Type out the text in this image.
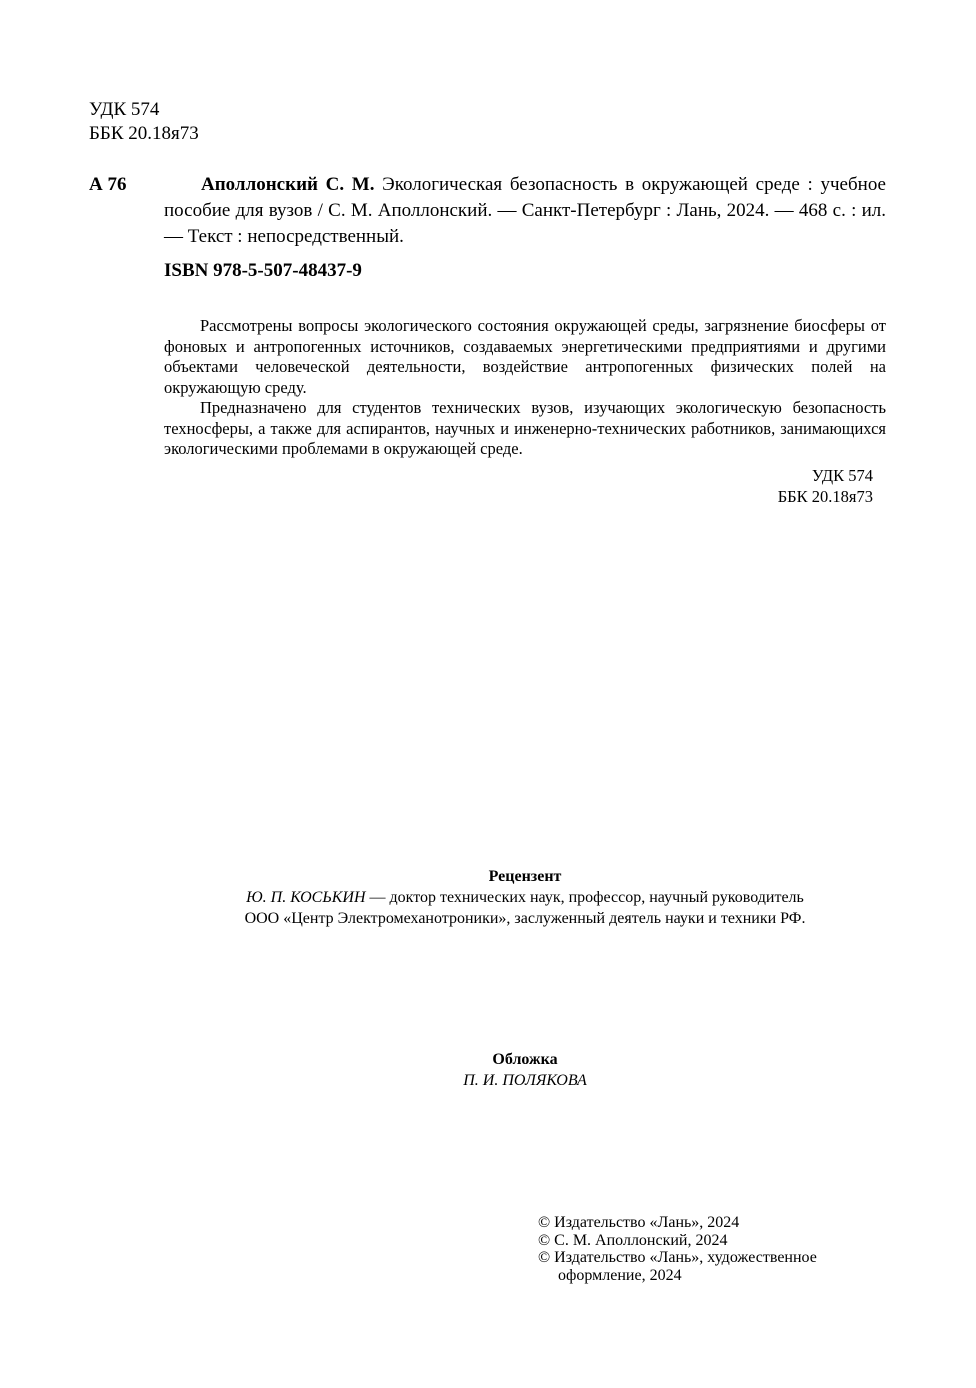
УДК 574
ББК 20.18я73
А 76	Аполлонский С. М. Экологическая безопасность в окружающей среде : учебное пособие для вузов / С. М. Аполлонский. — Санкт-Петербург : Лань, 2024. — 468 с. : ил. — Текст : непосредственный.
ISBN 978-5-507-48437-9

Рассмотрены вопросы экологического состояния окружающей среды, загрязнение биосферы от фоновых и антропогенных источников, создаваемых энергетическими предприятиями и другими объектами человеческой деятельности, воздействие антропогенных физических полей на окружающую среду.

Предназначено для студентов технических вузов, изучающих экологическую безопасность техносферы, а также для аспирантов, научных и инженерно-технических работников, занимающихся экологическими проблемами в окружающей среде.

УДК 574
ББК 20.18я73
Рецензент
Ю. П. КОСЬКИН — доктор технических наук, профессор, научный руководитель
ООО «Центр Электромеханотроники», заслуженный деятель науки и техники РФ.
Обложка
П. И. ПОЛЯКОВА
© Издательство «Лань», 2024
© С. М. Аполлонский, 2024
© Издательство «Лань», художественное
оформление, 2024
